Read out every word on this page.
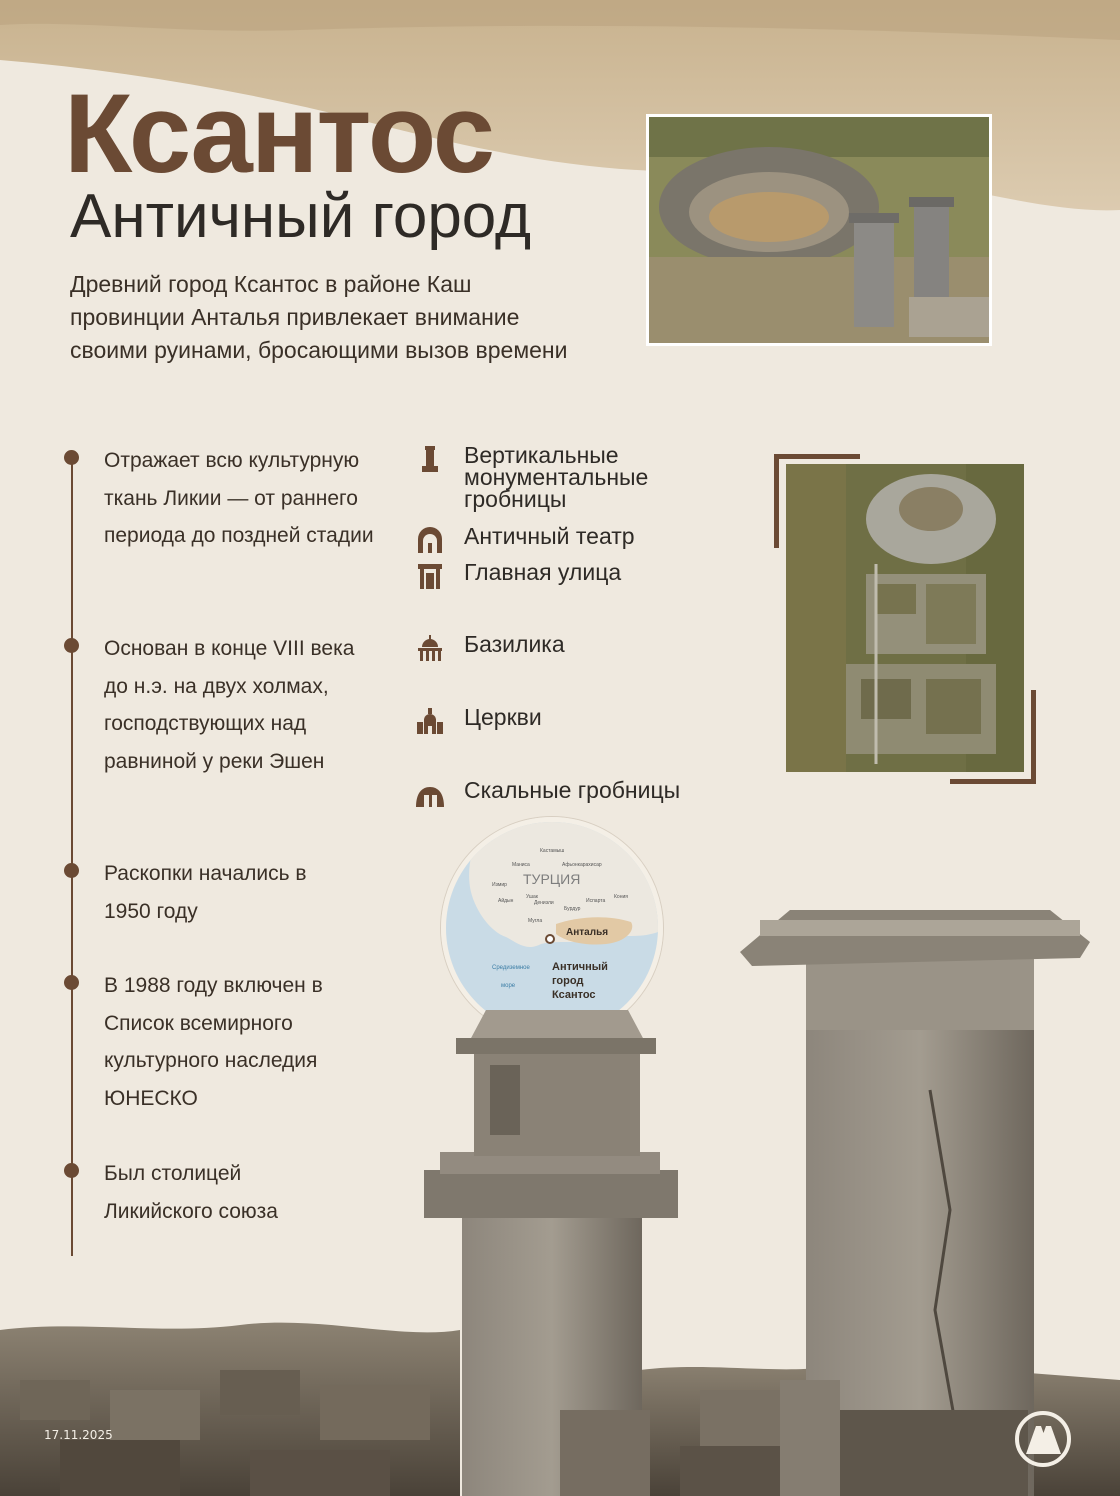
Ксантос
Античный город
Древний город Ксантос в районе Каш провинции Анталья привлекает внимание своими руинами, бросающими вызов времени
Отражает всю культурную ткань Ликии — от раннего периода до поздней стадии
Основан в конце VIII века до н.э. на двух холмах, господствующих над равниной у реки Эшен
Раскопки начались в 1950 году
В 1988 году включен в Список всемирного культурного наследия ЮНЕСКО
Был столицей Ликийского союза
Вертикальные монументальные гробницы
Античный театр
Главная улица
Базилика
Церкви
Скальные гробницы
ТУРЦИЯ
Анталья
Античный
город
Ксантос
Средиземное
море
Кастамыш
Маниса	Афьонкарахисар
Измир
Ушак	Кония
Айдын	Денизли
Бурдур
Мугла
Испарта
17.11.2025
